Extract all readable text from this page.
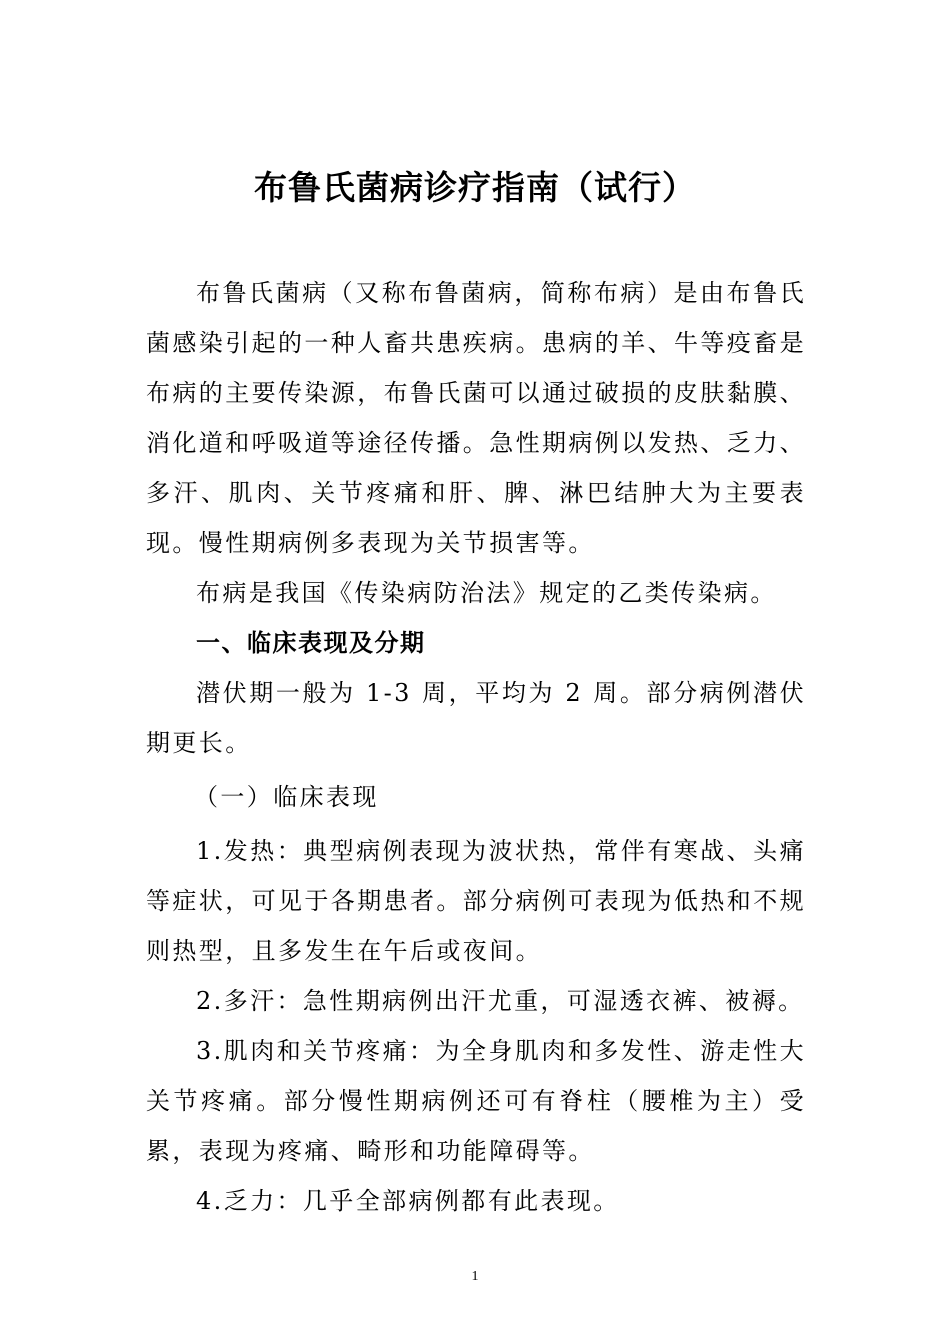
布鲁氏菌病诊疗指南（试行）

布鲁氏菌病（又称布鲁菌病，简称布病）是由布鲁氏菌感染引起的一种人畜共患疾病。患病的羊、牛等疫畜是布病的主要传染源，布鲁氏菌可以通过破损的皮肤黏膜、消化道和呼吸道等途径传播。急性期病例以发热、乏力、多汗、肌肉、关节疼痛和肝、脾、淋巴结肿大为主要表现。慢性期病例多表现为关节损害等。

布病是我国《传染病防治法》规定的乙类传染病。

一、临床表现及分期

潜伏期一般为 1-3 周，平均为 2 周。部分病例潜伏期更长。

（一）临床表现

1.发热：典型病例表现为波状热，常伴有寒战、头痛等症状，可见于各期患者。部分病例可表现为低热和不规则热型，且多发生在午后或夜间。

2.多汗：急性期病例出汗尤重，可湿透衣裤、被褥。

3.肌肉和关节疼痛：为全身肌肉和多发性、游走性大关节疼痛。部分慢性期病例还可有脊柱（腰椎为主）受累，表现为疼痛、畸形和功能障碍等。

4.乏力：几乎全部病例都有此表现。

1
